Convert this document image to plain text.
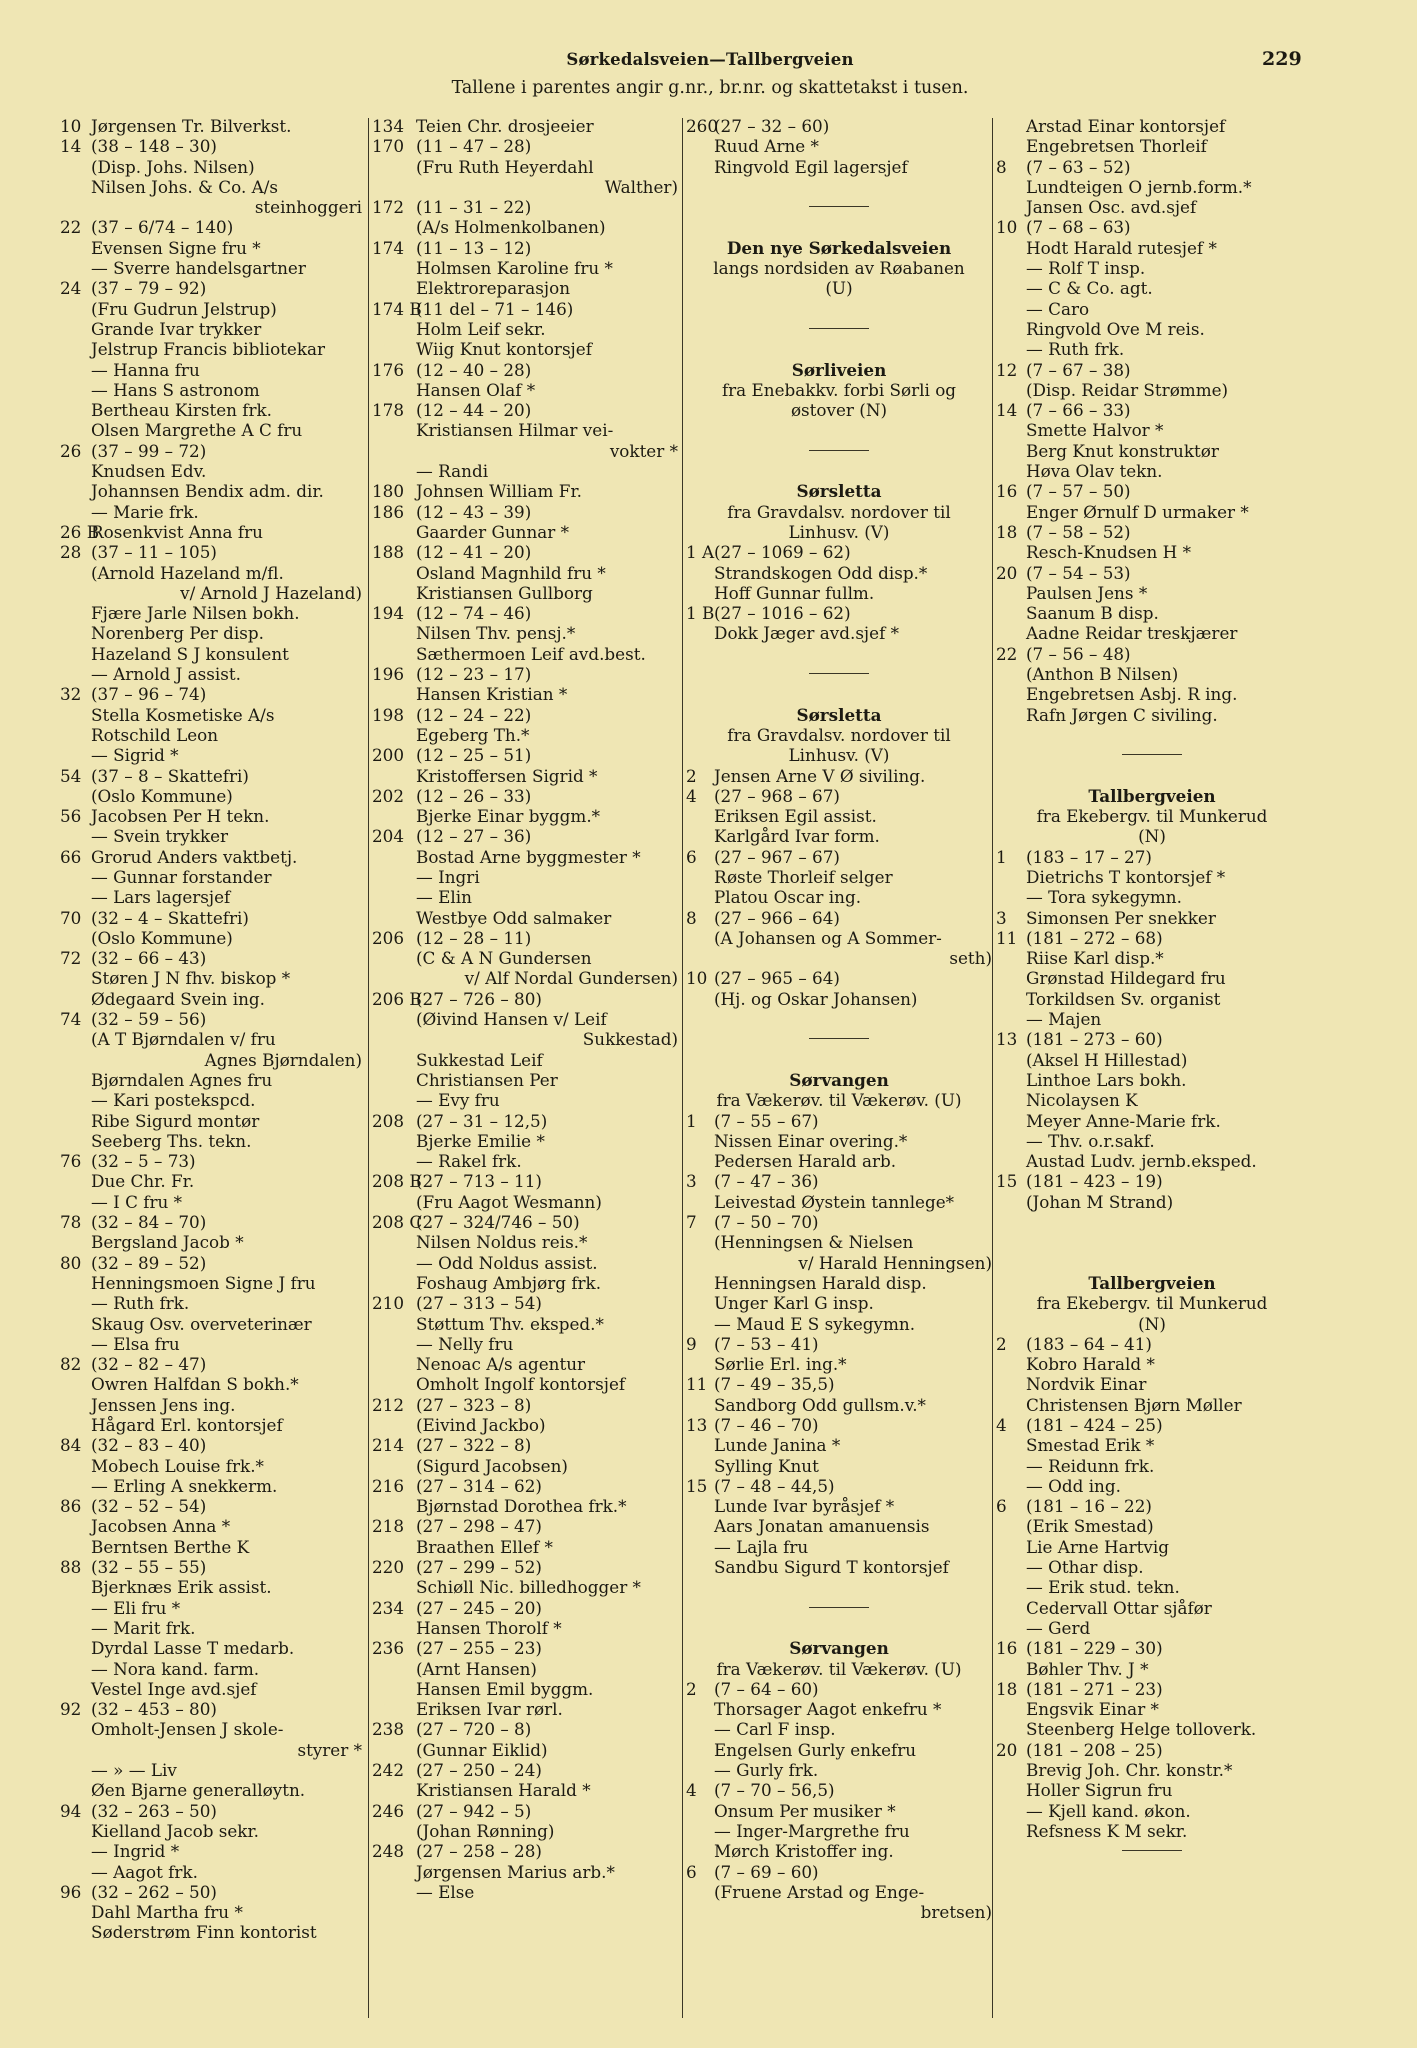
Sørkedalsveien—Tallbergveien	229
Tallene i parentes angir g.nr., br.nr. og skattetakst i tusen.
10 Jørgensen Tr. Bilverkst.
14 (38 – 148 – 30)
(Disp. Johs. Nilsen)
Nilsen Johs. & Co. A/s
steinhoggeri
22 (37 – 6/74 – 140)
Evensen Signe fru *
— Sverre handelsgartner
24 (37 – 79 – 92)
(Fru Gudrun Jelstrup)
Grande Ivar trykker
Jelstrup Francis bibliotekar
— Hanna fru
— Hans S astronom
Bertheau Kirsten frk.
Olsen Margrethe A C fru
26 (37 – 99 – 72)
Knudsen Edv.
Johannsen Bendix adm. dir.
— Marie frk.
26 BRosenkvist Anna fru
28 (37 – 11 – 105)
(Arnold Hazeland m/fl.
v/ Arnold J Hazeland)
Fjære Jarle Nilsen bokh.
Norenberg Per disp.
Hazeland S J konsulent
— Arnold J assist.
32 (37 – 96 – 74)
Stella Kosmetiske A/s
Rotschild Leon
— Sigrid *
54 (37 – 8 – Skattefri)
(Oslo Kommune)
56 Jacobsen Per H tekn.
— Svein trykker
66 Grorud Anders vaktbetj.
— Gunnar forstander
— Lars lagersjef
70 (32 – 4 – Skattefri)
(Oslo Kommune)
72 (32 – 66 – 43)
Støren J N fhv. biskop *
Ødegaard Svein ing.
74 (32 – 59 – 56)
(A T Bjørndalen v/ fru
Agnes Bjørndalen)
Bjørndalen Agnes fru
— Kari postekspcd.
Ribe Sigurd montør
Seeberg Ths. tekn.
76 (32 – 5 – 73)
Due Chr. Fr.
— I C fru *
78 (32 – 84 – 70)
Bergsland Jacob *
80 (32 – 89 – 52)
Henningsmoen Signe J fru
— Ruth frk.
Skaug Osv. overveterinær
— Elsa fru
82 (32 – 82 – 47)
Owren Halfdan S bokh.*
Jenssen Jens ing.
Hågard Erl. kontorsjef
84 (32 – 83 – 40)
Mobech Louise frk.*
— Erling A snekkerm.
86 (32 – 52 – 54)
Jacobsen Anna *
Berntsen Berthe K
88 (32 – 55 – 55)
Bjerknæs Erik assist.
— Eli fru *
— Marit frk.
Dyrdal Lasse T medarb.
— Nora kand. farm.
Vestel Inge avd.sjef
92 (32 – 453 – 80)
Omholt-Jensen J skole-
styrer *
— » — Liv
Øen Bjarne generalløytn.
94 (32 – 263 – 50)
Kielland Jacob sekr.
— Ingrid *
— Aagot frk.
96 (32 – 262 – 50)
Dahl Martha fru *
Søderstrøm Finn kontorist
134 Teien Chr. drosjeeier
170 (11 – 47 – 28)
(Fru Ruth Heyerdahl
Walther)
172 (11 – 31 – 22)
(A/s Holmenkolbanen)
174 (11 – 13 – 12)
Holmsen Karoline fru *
Elektroreparasjon
174 B(11 del – 71 – 146)
Holm Leif sekr.
Wiig Knut kontorsjef
176 (12 – 40 – 28)
Hansen Olaf *
178 (12 – 44 – 20)
Kristiansen Hilmar vei-
vokter *
— Randi
180 Johnsen William Fr.
186 (12 – 43 – 39)
Gaarder Gunnar *
188 (12 – 41 – 20)
Osland Magnhild fru *
Kristiansen Gullborg
194 (12 – 74 – 46)
Nilsen Thv. pensj.*
Sæthermoen Leif avd.best.
196 (12 – 23 – 17)
Hansen Kristian *
198 (12 – 24 – 22)
Egeberg Th.*
200 (12 – 25 – 51)
Kristoffersen Sigrid *
202 (12 – 26 – 33)
Bjerke Einar byggm.*
204 (12 – 27 – 36)
Bostad Arne byggmester *
— Ingri
— Elin
Westbye Odd salmaker
206 (12 – 28 – 11)
(C & A N Gundersen
v/ Alf Nordal Gundersen)
206 B(27 – 726 – 80)
(Øivind Hansen v/ Leif
Sukkestad)
Sukkestad Leif
Christiansen Per
— Evy fru
208 (27 – 31 – 12,5)
Bjerke Emilie *
— Rakel frk.
208 B(27 – 713 – 11)
(Fru Aagot Wesmann)
208 C(27 – 324/746 – 50)
Nilsen Noldus reis.*
— Odd Noldus assist.
Foshaug Ambjørg frk.
210 (27 – 313 – 54)
Støttum Thv. eksped.*
— Nelly fru
Nenoac A/s agentur
Omholt Ingolf kontorsjef
212 (27 – 323 – 8)
(Eivind Jackbo)
214 (27 – 322 – 8)
(Sigurd Jacobsen)
216 (27 – 314 – 62)
Bjørnstad Dorothea frk.*
218 (27 – 298 – 47)
Braathen Ellef *
220 (27 – 299 – 52)
Schiøll Nic. billedhogger *
234 (27 – 245 – 20)
Hansen Thorolf *
236 (27 – 255 – 23)
(Arnt Hansen)
Hansen Emil byggm.
Eriksen Ivar rørl.
238 (27 – 720 – 8)
(Gunnar Eiklid)
242 (27 – 250 – 24)
Kristiansen Harald *
246 (27 – 942 – 5)
(Johan Rønning)
248 (27 – 258 – 28)
Jørgensen Marius arb.*
— Else
260(27 – 32 – 60)
Ruud Arne *
Ringvold Egil lagersjef
Den nye Sørkedalsveien
langs nordsiden av Røabanen
(U)
Sørliveien
fra Enebakkv. forbi Sørli og
østover (N)
Sørsletta
fra Gravdalsv. nordover til
Linhusv. (V)
1 A(27 – 1069 – 62)
Strandskogen Odd disp.*
Hoff Gunnar fullm.
1 B(27 – 1016 – 62)
Dokk Jæger avd.sjef *
Sørsletta
fra Gravdalsv. nordover til
Linhusv. (V)
2 Jensen Arne V Ø siviling.
4 (27 – 968 – 67)
Eriksen Egil assist.
Karlgård Ivar form.
6 (27 – 967 – 67)
Røste Thorleif selger
Platou Oscar ing.
8 (27 – 966 – 64)
(A Johansen og A Sommer-
seth)
10 (27 – 965 – 64)
(Hj. og Oskar Johansen)
Sørvangen
fra Vækerøv. til Vækerøv. (U)
1 (7 – 55 – 67)
Nissen Einar overing.*
Pedersen Harald arb.
3 (7 – 47 – 36)
Leivestad Øystein tannlege*
7 (7 – 50 – 70)
(Henningsen & Nielsen
v/ Harald Henningsen)
Henningsen Harald disp.
Unger Karl G insp.
— Maud E S sykegymn.
9 (7 – 53 – 41)
Sørlie Erl. ing.*
11 (7 – 49 – 35,5)
Sandborg Odd gullsm.v.*
13 (7 – 46 – 70)
Lunde Janina *
Sylling Knut
15 (7 – 48 – 44,5)
Lunde Ivar byråsjef *
Aars Jonatan amanuensis
— Lajla fru
Sandbu Sigurd T kontorsjef
Sørvangen
fra Vækerøv. til Vækerøv. (U)
2 (7 – 64 – 60)
Thorsager Aagot enkefru *
— Carl F insp.
Engelsen Gurly enkefru
— Gurly frk.
4 (7 – 70 – 56,5)
Onsum Per musiker *
— Inger-Margrethe fru
Mørch Kristoffer ing.
6 (7 – 69 – 60)
(Fruene Arstad og Enge-
bretsen)
Arstad Einar kontorsjef
Engebretsen Thorleif
8 (7 – 63 – 52)
Lundteigen O jernb.form.*
Jansen Osc. avd.sjef
10 (7 – 68 – 63)
Hodt Harald rutesjef *
— Rolf T insp.
— C & Co. agt.
— Caro
Ringvold Ove M reis.
— Ruth frk.
12 (7 – 67 – 38)
(Disp. Reidar Strømme)
14 (7 – 66 – 33)
Smette Halvor *
Berg Knut konstruktør
Høva Olav tekn.
16 (7 – 57 – 50)
Enger Ørnulf D urmaker *
18 (7 – 58 – 52)
Resch-Knudsen H *
20 (7 – 54 – 53)
Paulsen Jens *
Saanum B disp.
Aadne Reidar treskjærer
22 (7 – 56 – 48)
(Anthon B Nilsen)
Engebretsen Asbj. R ing.
Rafn Jørgen C siviling.
Tallbergveien
fra Ekebergv. til Munkerud
(N)
1 (183 – 17 – 27)
Dietrichs T kontorsjef *
— Tora sykegymn.
3 Simonsen Per snekker
11 (181 – 272 – 68)
Riise Karl disp.*
Grønstad Hildegard fru
Torkildsen Sv. organist
— Majen
13 (181 – 273 – 60)
(Aksel H Hillestad)
Linthoe Lars bokh.
Nicolaysen K
Meyer Anne-Marie frk.
— Thv. o.r.sakf.
Austad Ludv. jernb.eksped.
15 (181 – 423 – 19)
(Johan M Strand)
Tallbergveien
fra Ekebergv. til Munkerud
(N)
2 (183 – 64 – 41)
Kobro Harald *
Nordvik Einar
Christensen Bjørn Møller
4 (181 – 424 – 25)
Smestad Erik *
— Reidunn frk.
— Odd ing.
6 (181 – 16 – 22)
(Erik Smestad)
Lie Arne Hartvig
— Othar disp.
— Erik stud. tekn.
Cedervall Ottar sjåfør
— Gerd
16 (181 – 229 – 30)
Bøhler Thv. J *
18 (181 – 271 – 23)
Engsvik Einar *
Steenberg Helge tolloverk.
20 (181 – 208 – 25)
Brevig Joh. Chr. konstr.*
Holler Sigrun fru
— Kjell kand. økon.
Refsness K M sekr.
